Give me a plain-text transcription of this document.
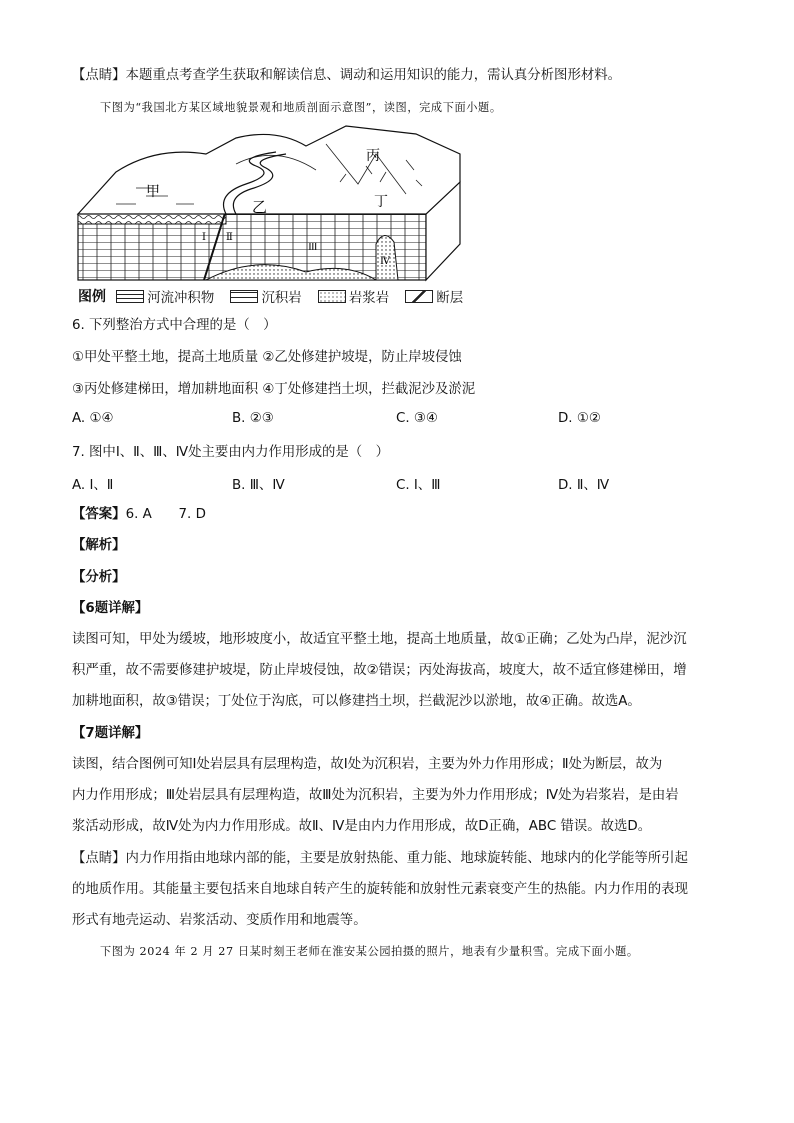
【点睛】本题重点考查学生获取和解读信息、调动和运用知识的能力，需认真分析图形材料。
下图为“我国北方某区域地貌景观和地质剖面示意图”，读图，完成下面小题。
甲
乙
丙
丁
Ⅰ Ⅱ
Ⅲ
Ⅳ
图例	河流冲积物	沉积岩	岩浆岩	断层
6. 下列整治方式中合理的是（　）
①甲处平整土地，提高土地质量 ②乙处修建护坡堤，防止岸坡侵蚀
③丙处修建梯田，增加耕地面积 ④丁处修建挡土坝，拦截泥沙及淤泥
A. ①④	B. ②③	C. ③④	D. ①②
7. 图中Ⅰ、Ⅱ、Ⅲ、Ⅳ处主要由内力作用形成的是（　）
A. Ⅰ、Ⅱ	B. Ⅲ、Ⅳ	C. Ⅰ、Ⅲ	D. Ⅱ、Ⅳ
【答案】6. A　　7. D
【解析】
【分析】
【6题详解】
读图可知，甲处为缓坡，地形坡度小，故适宜平整土地，提高土地质量，故①正确；乙处为凸岸，泥沙沉
积严重，故不需要修建护坡堤，防止岸坡侵蚀，故②错误；丙处海拔高，坡度大，故不适宜修建梯田，增
加耕地面积，故③错误；丁处位于沟底，可以修建挡土坝，拦截泥沙以淤地，故④正确。故选A。
【7题详解】
读图，结合图例可知Ⅰ处岩层具有层理构造，故Ⅰ处为沉积岩，主要为外力作用形成；Ⅱ处为断层，故为
内力作用形成；Ⅲ处岩层具有层理构造，故Ⅲ处为沉积岩，主要为外力作用形成；Ⅳ处为岩浆岩，是由岩
浆活动形成，故Ⅳ处为内力作用形成。故Ⅱ、Ⅳ是由内力作用形成，故D正确，ABC 错误。故选D。
【点睛】内力作用指由地球内部的能，主要是放射热能、重力能、地球旋转能、地球内的化学能等所引起
的地质作用。其能量主要包括来自地球自转产生的旋转能和放射性元素衰变产生的热能。内力作用的表现
形式有地壳运动、岩浆活动、变质作用和地震等。
下图为 2024 年 2 月 27 日某时刻王老师在淮安某公园拍摄的照片，地表有少量积雪。完成下面小题。
